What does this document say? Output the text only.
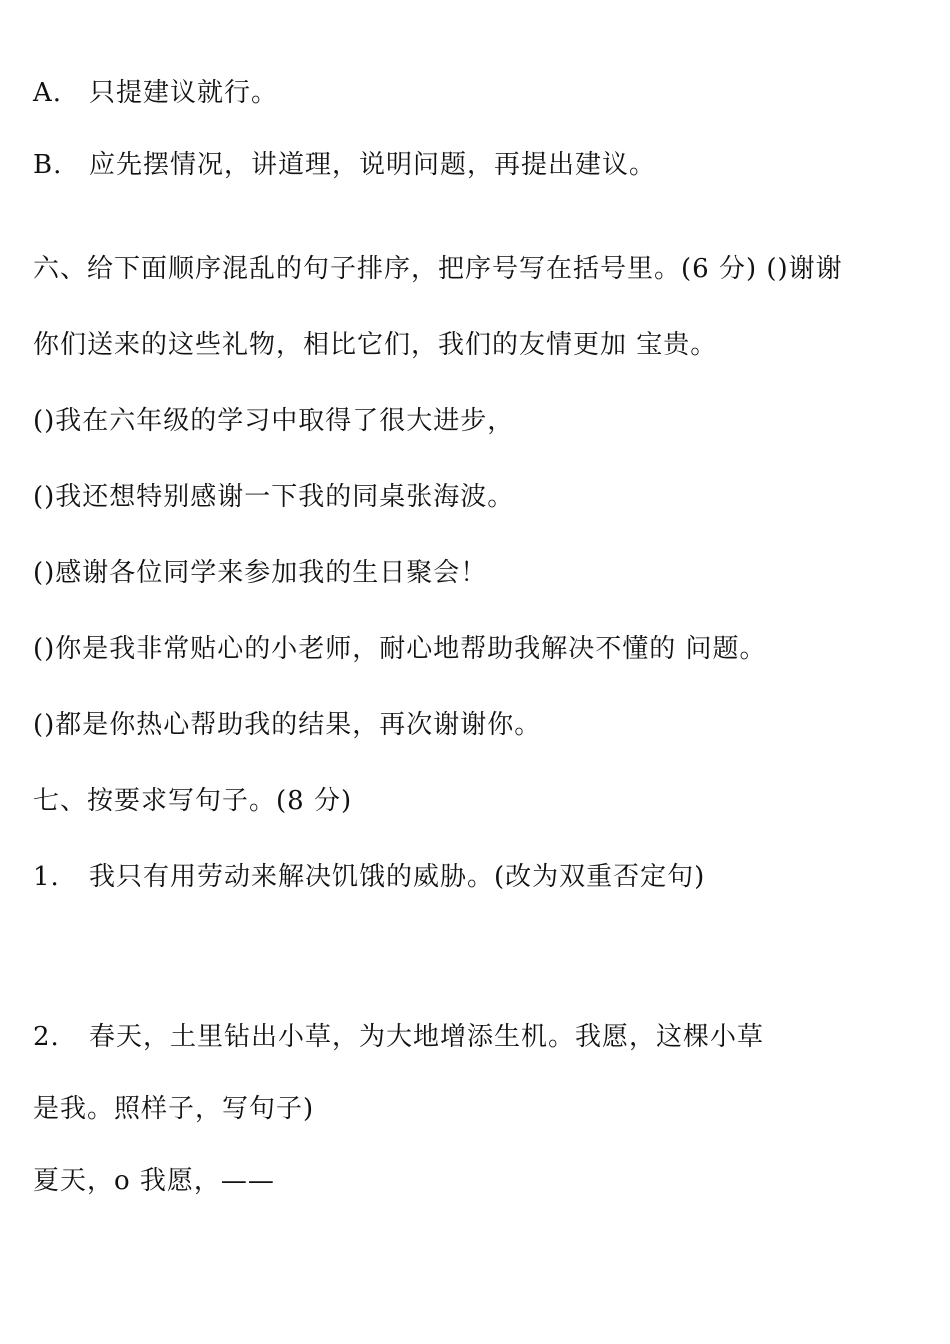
A. 只提建议就行。
B. 应先摆情况，讲道理，说明问题，再提出建议。
六、给下面顺序混乱的句子排序，把序号写在括号里。(6 分) ()谢谢
你们送来的这些礼物，相比它们，我们的友情更加 宝贵。
()我在六年级的学习中取得了很大进步，
()我还想特别感谢一下我的同桌张海波。
()感谢各位同学来参加我的生日聚会！
()你是我非常贴心的小老师，耐心地帮助我解决不懂的 问题。
()都是你热心帮助我的结果，再次谢谢你。
七、按要求写句子。(8 分)
1. 我只有用劳动来解决饥饿的威胁。(改为双重否定句)
2. 春天，土里钻出小草，为大地增添生机。我愿，这棵小草
是我。照样子，写句子)
夏天，o 我愿，——
